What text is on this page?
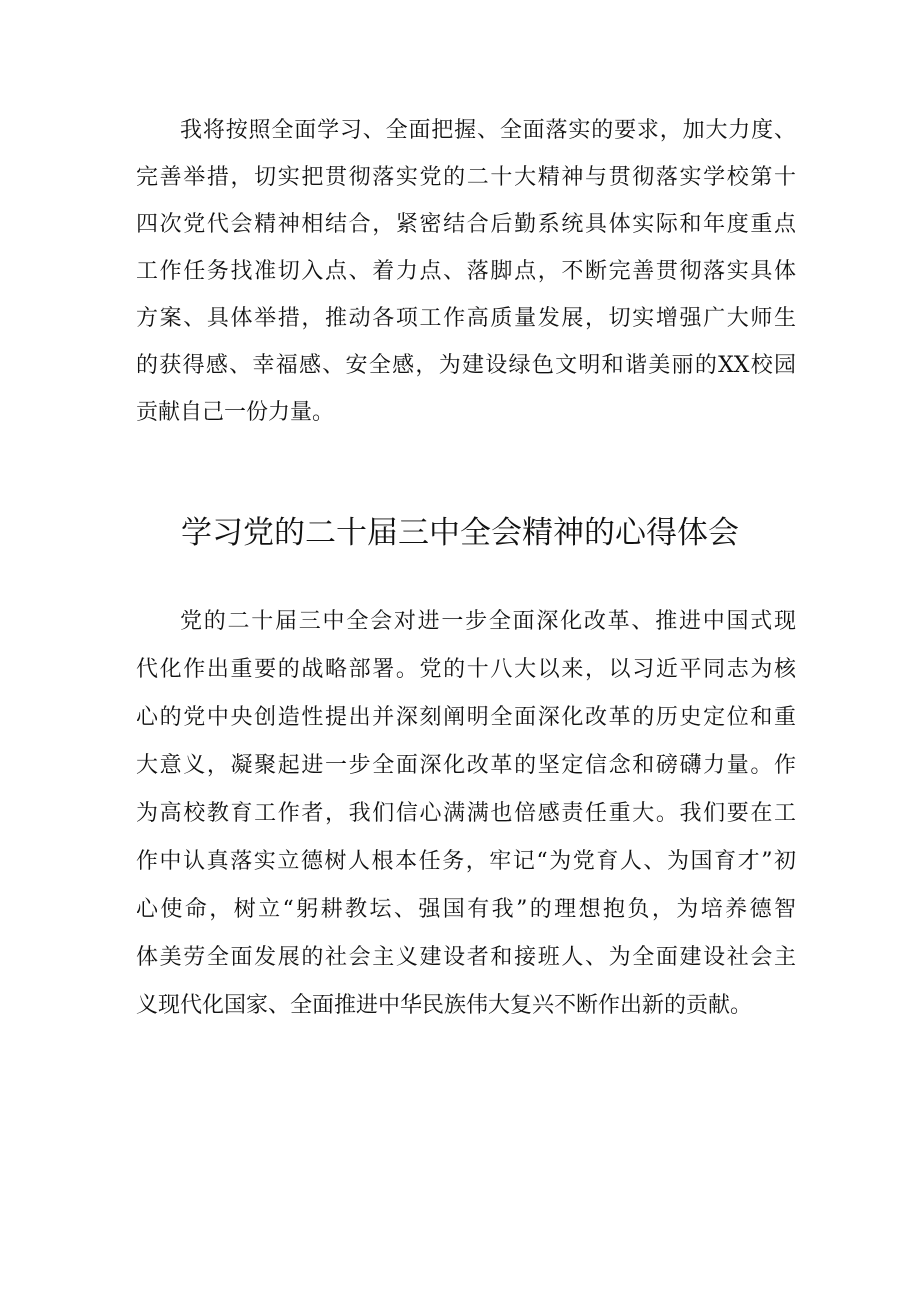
我将按照全面学习、全面把握、全面落实的要求，加大力度、
完善举措，切实把贯彻落实党的二十大精神与贯彻落实学校第十
四次党代会精神相结合，紧密结合后勤系统具体实际和年度重点
工作任务找准切入点、着力点、落脚点，不断完善贯彻落实具体
方案、具体举措，推动各项工作高质量发展，切实增强广大师生
的获得感、幸福感、安全感，为建设绿色文明和谐美丽的XX校园
贡献自己一份力量。
学习党的二十届三中全会精神的心得体会
党的二十届三中全会对进一步全面深化改革、推进中国式现
代化作出重要的战略部署。党的十八大以来，以习近平同志为核
心的党中央创造性提出并深刻阐明全面深化改革的历史定位和重
大意义，凝聚起进一步全面深化改革的坚定信念和磅礴力量。作
为高校教育工作者，我们信心满满也倍感责任重大。我们要在工
作中认真落实立德树人根本任务，牢记“为党育人、为国育才”初
心使命，树立“躬耕教坛、强国有我”的理想抱负，为培养德智
体美劳全面发展的社会主义建设者和接班人、为全面建设社会主
义现代化国家、全面推进中华民族伟大复兴不断作出新的贡献。
